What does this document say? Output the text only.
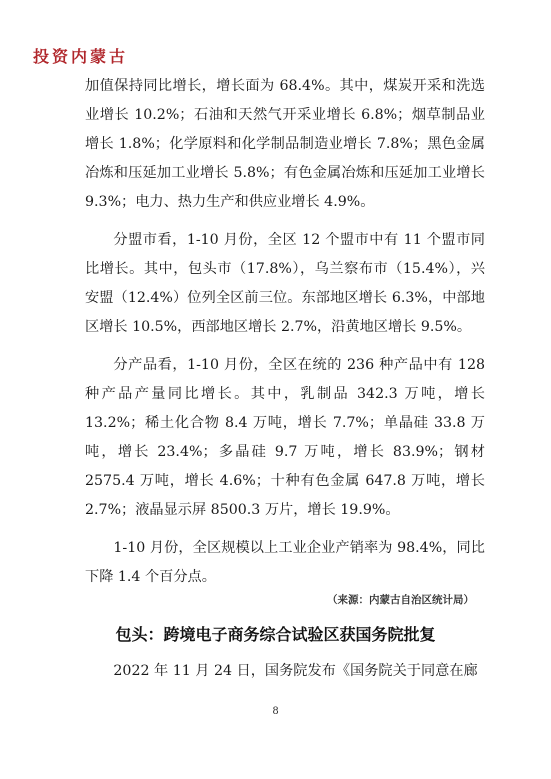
投资内蒙古

加值保持同比增长，增长面为 68.4%。其中，煤炭开采和洗选业增长 10.2%；石油和天然气开采业增长 6.8%；烟草制品业增长 1.8%；化学原料和化学制品制造业增长 7.8%；黑色金属冶炼和压延加工业增长 5.8%；有色金属冶炼和压延加工业增长 9.3%；电力、热力生产和供应业增长 4.9%。

分盟市看，1-10 月份，全区 12 个盟市中有 11 个盟市同比增长。其中，包头市（17.8%），乌兰察布市（15.4%），兴安盟（12.4%）位列全区前三位。东部地区增长 6.3%，中部地区增长 10.5%，西部地区增长 2.7%，沿黄地区增长 9.5%。

分产品看，1-10 月份，全区在统的 236 种产品中有 128 种产品产量同比增长。其中，乳制品 342.3 万吨，增长 13.2%；稀土化合物 8.4 万吨，增长 7.7%；单晶硅 33.8 万吨，增长 23.4%；多晶硅 9.7 万吨，增长 83.9%；钢材 2575.4 万吨，增长 4.6%；十种有色金属 647.8 万吨，增长 2.7%；液晶显示屏 8500.3 万片，增长 19.9%。

1-10 月份，全区规模以上工业企业产销率为 98.4%，同比下降 1.4 个百分点。

（来源：内蒙古自治区统计局）
包头：跨境电子商务综合试验区获国务院批复
2022 年 11 月 24 日，国务院发布《国务院关于同意在廊
8
